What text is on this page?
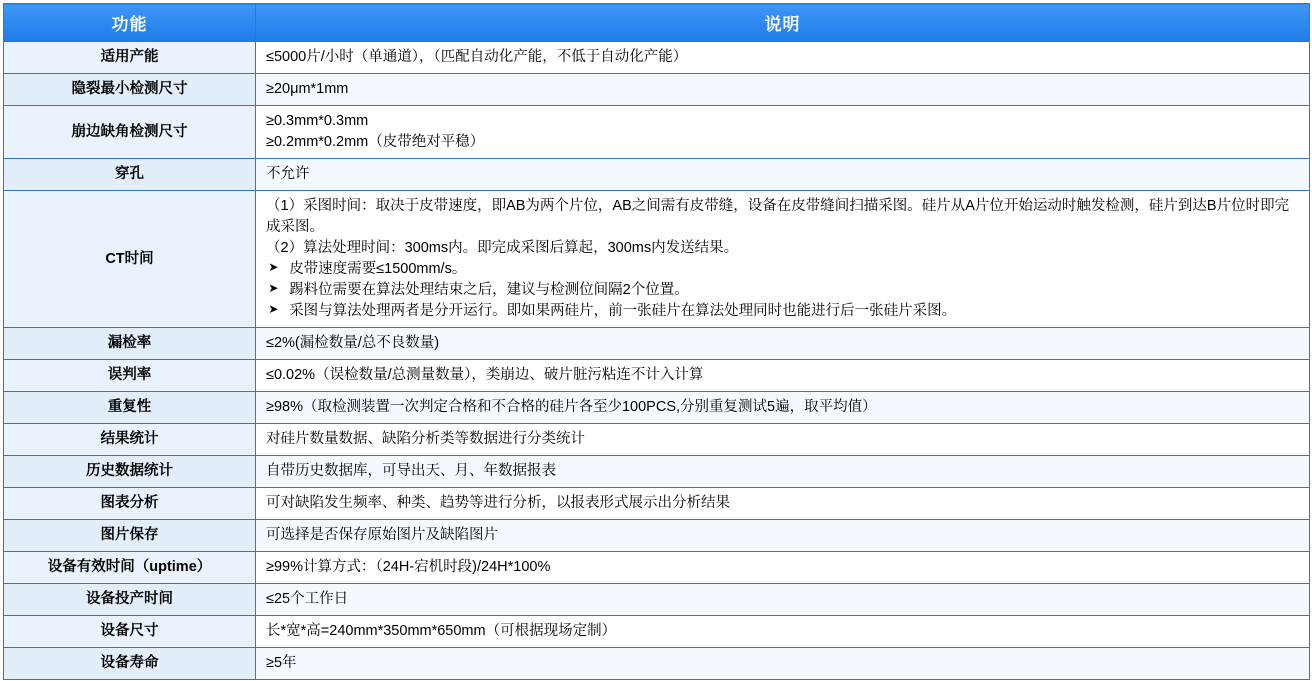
功能	说明
适用产能	≤5000片/小时（单通道），（匹配自动化产能，不低于自动化产能）

隐裂最小检测尺寸	≥20μm*1mm

崩边缺角检测尺寸	≥0.3mm*0.3mm
≥0.2mm*0.2mm（皮带绝对平稳）

穿孔	不允许

CT时间	（1）采图时间：取决于皮带速度，即AB为两个片位，AB之间需有皮带缝，设备在皮带缝间扫描采图。硅片从A片位开始运动时触发检测，硅片到达B片位时即完成采图。
（2）算法处理时间：300ms内。即完成采图后算起，300ms内发送结果。
➤ 皮带速度需要≤1500mm/s。
➤ 踢料位需要在算法处理结束之后，建议与检测位间隔2个位置。
➤ 采图与算法处理两者是分开运行。即如果两硅片，前一张硅片在算法处理同时也能进行后一张硅片采图。

漏检率	≤2%(漏检数量/总不良数量)

误判率	≤0.02%（误检数量/总测量数量），类崩边、破片脏污粘连不计入计算

重复性	≥98%（取检测装置一次判定合格和不合格的硅片各至少100PCS,分别重复测试5遍，取平均值）

结果统计	对硅片数量数据、缺陷分析类等数据进行分类统计

历史数据统计	自带历史数据库，可导出天、月、年数据报表

图表分析	可对缺陷发生频率、种类、趋势等进行分析，以报表形式展示出分析结果

图片保存	可选择是否保存原始图片及缺陷图片

设备有效时间（uptime）	≥99%计算方式：（24H-宕机时段)/24H*100%

设备投产时间	≤25个工作日

设备尺寸	长*宽*高=240mm*350mm*650mm（可根据现场定制）

设备寿命	≥5年
